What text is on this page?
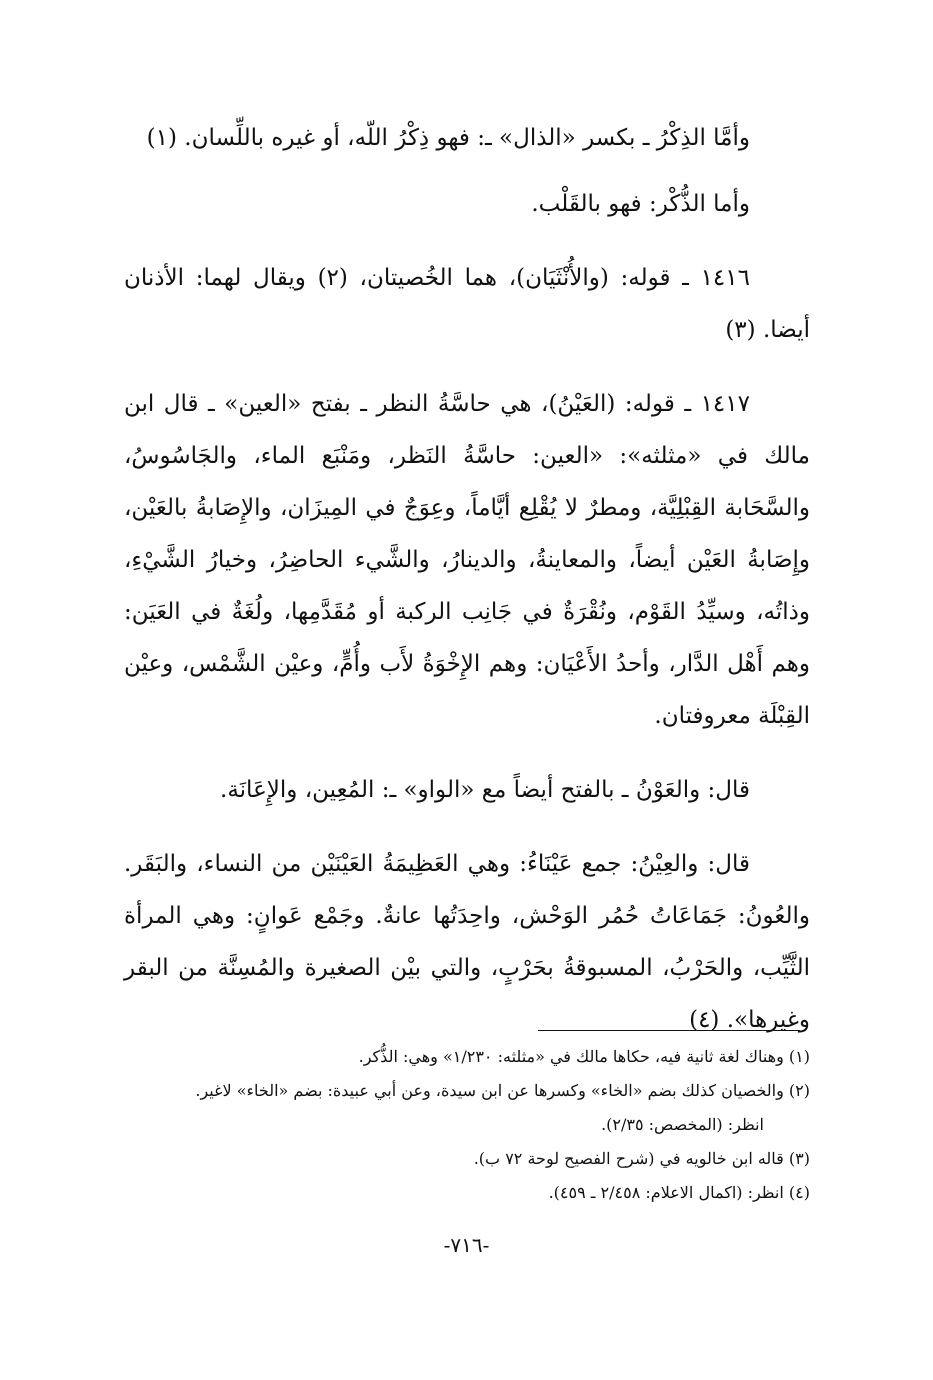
وأمَّا الذِكْرُ ـ بكسر «الذال» ـ: فهو ذِكْرُ اللّه، أو غيره باللِّسان. (١)

وأما الذُّكْر: فهو بالقَلْب.

١٤١٦ ـ قوله: (والأُنْثَيَان)، هما الخُصيتان، (٢) ويقال لهما: الأذنان أيضا. (٣)

١٤١٧ ـ قوله: (العَيْنُ)، هي حاسَّةُ النظر ـ بفتح «العين» ـ قال ابن مالك في «مثلثه»: «العين: حاسَّةُ النَظر، ومَنْبَع الماء، والجَاسُوسُ، والسَّحَابة القِبْلِيَّة، ومطرٌ لا يُقْلِع أيَّاماً، وعِوَجٌ في المِيزَان، والإِصَابةُ بالعَيْن، وإِصَابةُ العَيْن أيضاً، والمعاينةُ، والدينارُ، والشَّيء الحاضِرُ، وخيارُ الشَّيْءِ، وذاتُه، وسيِّدُ القَوْم، ونُقْرَةٌ في جَانِب الركبة أو مُقَدَّمِها، ولُغَةٌ في العَيَن: وهم أَهْل الدَّار، وأحدُ الأَعْيَان: وهم الإِخْوَةُ لأَب وأُمٍّ، وعيْن الشَّمْس، وعيْن القِبْلَة معروفتان.

قال: والعَوْنُ ـ بالفتح أيضاً مع «الواو» ـ: المُعِين، والإِعَانَة.

قال: والعِيْنُ: جمع عَيْنَاءُ: وهي العَظِيمَةُ العَيْنَيْن من النساء، والبَقَر. والعُونُ: جَمَاعَاتُ حُمُر الوَحْش، واحِدَتُها عانةٌ. وجَمْع عَوانٍ: وهي المرأة الثَّيِّب، والحَرْبُ، المسبوقةُ بحَرْبٍ، والتي بيْن الصغيرة والمُسِنَّة من البقر وغيرها». (٤)

(١) وهناك لغة ثانية فيه، حكاها مالك في «مثلثه: ١/٢٣٠» وهي: الذُّكر.

(٢) والخصيان كذلك بضم «الخاء» وكسرها عن ابن سيدة، وعن أبي عبيدة: بضم «الخاء» لاغير.

انظر: (المخصص: ٢/٣٥).

(٣) قاله ابن خالويه في (شرح الفصيح لوحة ٧٢ ب).

(٤) انظر: (اكمال الاعلام: ٢/٤٥٨ ـ ٤٥٩).

-٧١٦-
